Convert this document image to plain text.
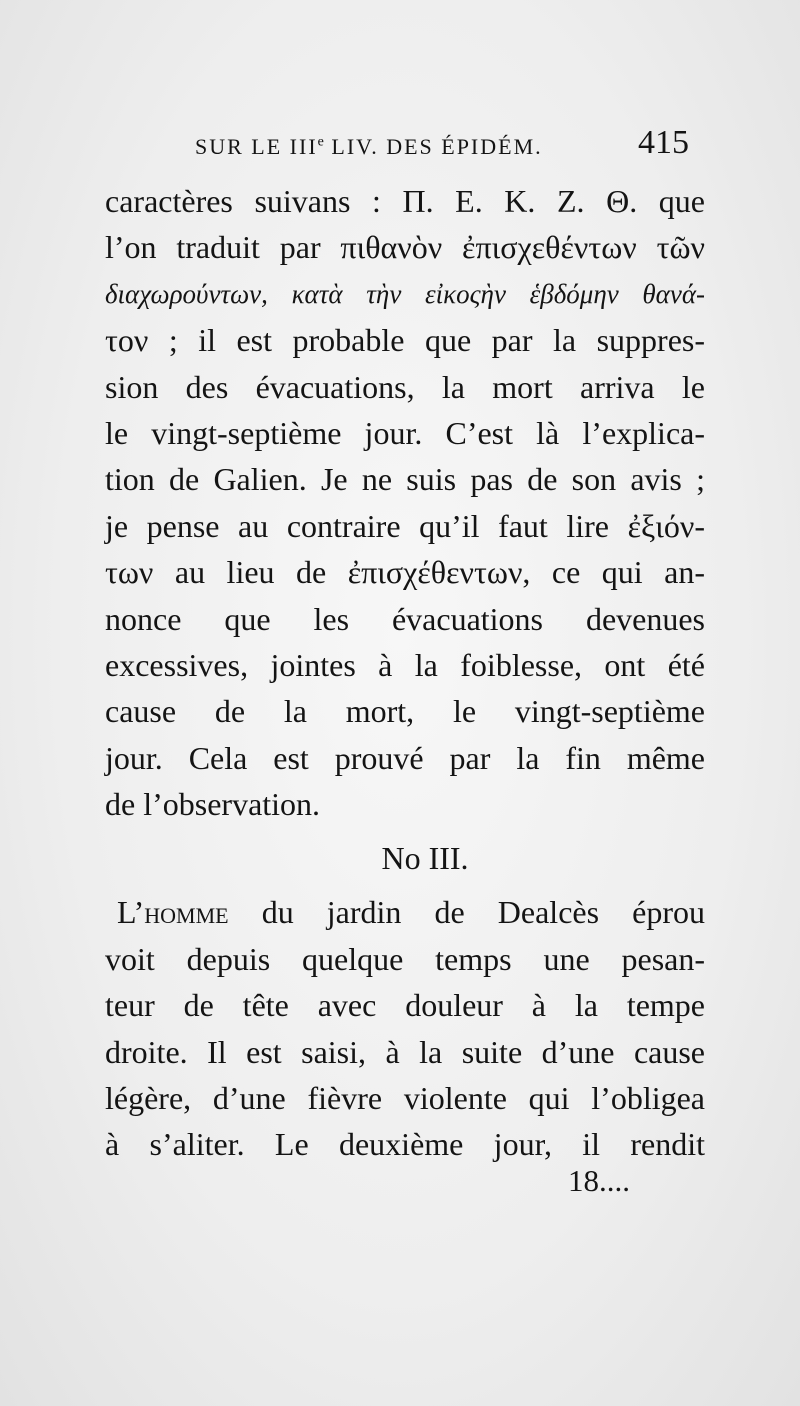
SUR LE IIIe LIV. DES ÉPIDÉM.	415
caractères suivans : Π. Ε. Κ. Ζ. Θ. que
l’on traduit par πιθανὸν ἐπισχεθέντων τῶν
διαχωρούντων, κατὰ τὴν εἰκοςὴν ἑβδόμην θανά-
τον ; il est probable que par la suppres-
sion des évacuations, la mort arriva le
le vingt-septième jour. C’est là l’explica-
tion de Galien. Je ne suis pas de son avis ;
je pense au contraire qu’il faut lire ἐξιόν-
των au lieu de ἐπισχέθεντων, ce qui an-
nonce que les évacuations devenues
excessives, jointes à la foiblesse, ont été
cause de la mort, le vingt-septième
jour. Cela est prouvé par la fin même
de l’observation.
No III.
L’homme du jardin de Dealcès éprou
voit depuis quelque temps une pesan-
teur de tête avec douleur à la tempe
droite. Il est saisi, à la suite d’une cause
légère, d’une fièvre violente qui l’obligea
à s’aliter. Le deuxième jour, il rendit
18....
